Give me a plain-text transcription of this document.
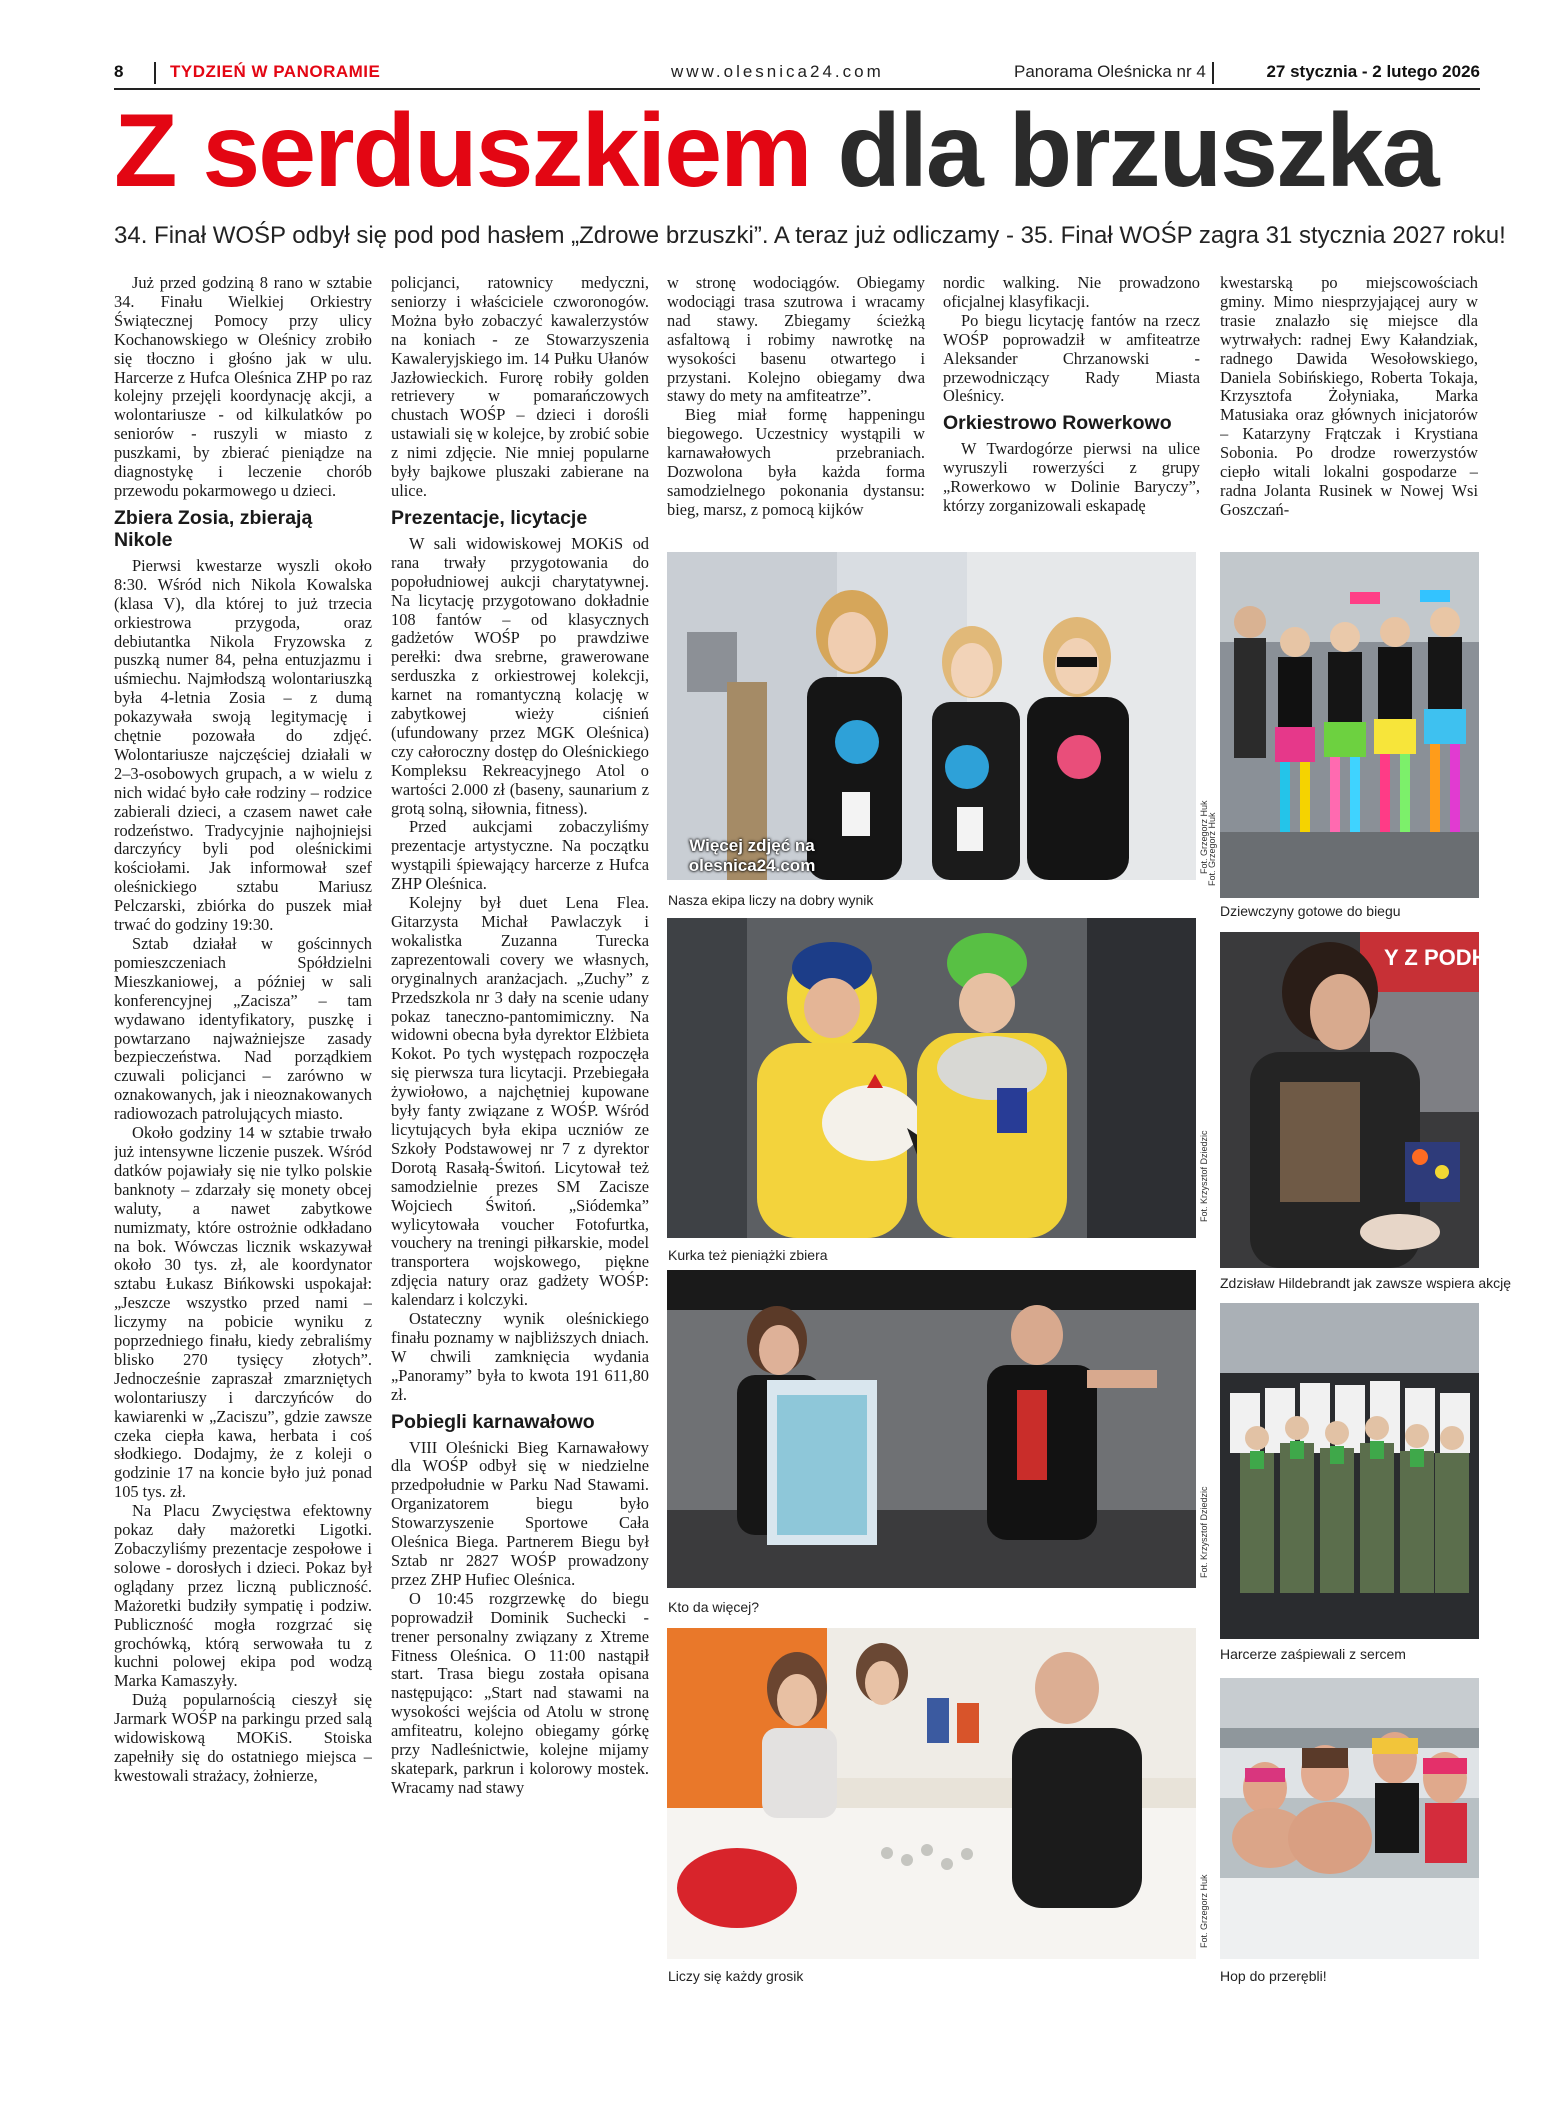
8	TYDZIEŃ W PANORAMIE	www.olesnica24.com	Panorama Oleśnicka nr 4	27 stycznia - 2 lutego 2026
Z serduszkiem dla brzuszka
34. Finał WOŚP odbył się pod pod hasłem „Zdrowe brzuszki”. A teraz już odliczamy - 35. Finał WOŚP zagra 31 stycznia 2027 roku!

Już przed godziną 8 rano w sztabie 34. Finału Wielkiej Orkiestry Świątecznej Pomocy przy ulicy Kochanowskiego w Oleśnicy zrobiło się tłoczno i głośno jak w ulu. Harcerze z Hufca Oleśnica ZHP po raz kolejny przejęli koordynację akcji, a wolontariusze - od kilkulatków po seniorów - ruszyli w miasto z puszkami, by zbierać pieniądze na diagnostykę i leczenie chorób przewodu pokarmowego u dzieci.

Zbiera Zosia, zbierają Nikole

Pierwsi kwestarze wyszli około 8:30. Wśród nich Nikola Kowalska (klasa V), dla której to już trzecia orkiestrowa przygoda, oraz debiutantka Nikola Fryzowska z puszką numer 84, pełna entuzjazmu i uśmiechu. Najmłodszą wolontariuszką była 4-letnia Zosia – z dumą pokazywała swoją legitymację i chętnie pozowała do zdjęć. Wolontariusze najczęściej działali w 2–3-osobowych grupach, a w wielu z nich widać było całe rodziny – rodzice zabierali dzieci, a czasem nawet całe rodzeństwo. Tradycyjnie najhojniejsi darczyńcy byli pod oleśnickimi kościołami. Jak informował szef oleśnickiego sztabu Mariusz Pelczarski, zbiórka do puszek miał trwać do godziny 19:30.

Sztab działał w gościnnych pomieszczeniach Spółdzielni Mieszkaniowej, a później w sali konferencyjnej „Zacisza” – tam wydawano identyfikatory, puszkę i powtarzano najważniejsze zasady bezpieczeństwa. Nad porządkiem czuwali policjanci – zarówno w oznakowanych, jak i nieoznakowanych radiowozach patrolujących miasto.

Około godziny 14 w sztabie trwało już intensywne liczenie puszek. Wśród datków pojawiały się nie tylko polskie banknoty – zdarzały się monety obcej waluty, a nawet zabytkowe numizmaty, które ostrożnie odkładano na bok. Wówczas licznik wskazywał około 30 tys. zł, ale koordynator sztabu Łukasz Bińkowski uspokajał: „Jeszcze wszystko przed nami – liczymy na pobicie wyniku z poprzedniego finału, kiedy zebraliśmy blisko 270 tysięcy złotych”. Jednocześnie zapraszał zmarzniętych wolontariuszy i darczyńców do kawiarenki w „Zaciszu”, gdzie zawsze czeka ciepła kawa, herbata i coś słodkiego. Dodajmy, że z koleji o godzinie 17 na koncie było już ponad 105 tys. zł.

Na Placu Zwycięstwa efektowny pokaz dały mażoretki Ligotki. Zobaczyliśmy prezentacje zespołowe i solowe - dorosłych i dzieci. Pokaz był oglądany przez liczną publiczność. Mażoretki budziły sympatię i podziw. Publiczność mogła rozgrzać się grochówką, którą serwowała tu z kuchni polowej ekipa pod wodzą Marka Kamaszyły.

Dużą popularnością cieszył się Jarmark WOŚP na parkingu przed salą widowiskową MOKiS. Stoiska zapełniły się do ostatniego miejsca – kwestowali strażacy, żołnierze,

policjanci, ratownicy medyczni, seniorzy i właściciele czworonogów. Można było zobaczyć kawalerzystów na koniach - ze Stowarzyszenia Kawaleryjskiego im. 14 Pułku Ułanów Jazłowieckich. Furorę robiły golden retrievery w pomarańczowych chustach WOŚP – dzieci i dorośli ustawiali się w kolejce, by zrobić sobie z nimi zdjęcie. Nie mniej popularne były bajkowe pluszaki zabierane na ulice.

Prezentacje, licytacje

W sali widowiskowej MOKiS od rana trwały przygotowania do popołudniowej aukcji charytatywnej. Na licytację przygotowano dokładnie 108 fantów – od klasycznych gadżetów WOŚP po prawdziwe perełki: dwa srebrne, grawerowane serduszka z orkiestrowej kolekcji, karnet na romantyczną kolację w zabytkowej wieży ciśnień (ufundowany przez MGK Oleśnica) czy całoroczny dostęp do Oleśnickiego Kompleksu Rekreacyjnego Atol o wartości 2.000 zł (baseny, saunarium z grotą solną, siłownia, fitness).

Przed aukcjami zobaczyliśmy prezentacje artystyczne. Na początku wystąpili śpiewający harcerze z Hufca ZHP Oleśnica.

Kolejny był duet Lena Flea. Gitarzysta Michał Pawlaczyk i wokalistka Zuzanna Turecka zaprezentowali covery we własnych, oryginalnych aranżacjach. „Zuchy” z Przedszkola nr 3 dały na scenie udany pokaz taneczno-pantomimiczny. Na widowni obecna była dyrektor Elżbieta Kokot. Po tych występach rozpoczęła się pierwsza tura licytacji. Przebiegała żywiołowo, a najchętniej kupowane były fanty związane z WOŚP. Wśród licytujących była ekipa uczniów ze Szkoły Podstawowej nr 7 z dyrektor Dorotą Rasałą-Świtoń. Licytował też samodzielnie prezes SM Zacisze Wojciech Świtoń. „Siódemka” wylicytowała voucher Fotofurtka, vouchery na treningi piłkarskie, model transportera wojskowego, piękne zdjęcia natury oraz gadżety WOŚP: kalendarz i kolczyki.

Ostateczny wynik oleśnickiego finału poznamy w najbliższych dniach. W chwili zamknięcia wydania „Panoramy” była to kwota 191 611,80 zł.

Pobiegli karnawałowo

VIII Oleśnicki Bieg Karnawałowy dla WOŚP odbył się w niedzielne przedpołudnie w Parku Nad Stawami. Organizatorem biegu było Stowarzyszenie Sportowe Cała Oleśnica Biega. Partnerem Biegu był Sztab nr 2827 WOŚP prowadzony przez ZHP Hufiec Oleśnica.

O 10:45 rozgrzewkę do biegu poprowadził Dominik Suchecki - trener personalny związany z Xtreme Fitness Oleśnica. O 11:00 nastąpił start. Trasa biegu została opisana następująco: „Start nad stawami na wysokości wejścia od Atolu w stronę amfiteatru, kolejno obiegamy górkę przy Nadleśnictwie, kolejne mijamy skatepark, parkrun i kolorowy mostek. Wracamy nad stawy

w stronę wodociągów. Obiegamy wodociągi trasa szutrowa i wracamy nad stawy. Zbiegamy ścieżką asfaltową i robimy nawrotkę na wysokości basenu otwartego i przystani. Kolejno obiegamy dwa stawy do mety na amfiteatrze”.

Bieg miał formę happeningu biegowego. Uczestnicy wystąpili w karnawałowych przebraniach. Dozwolona była każda forma samodzielnego pokonania dystansu: bieg, marsz, z pomocą kijków

nordic walking. Nie prowadzono oficjalnej klasyfikacji.

Po biegu licytację fantów na rzecz WOŚP poprowadził w amfiteatrze Aleksander Chrzanowski - przewodniczący Rady Miasta Oleśnicy.

Orkiestrowo Rowerkowo

W Twardogórze pierwsi na ulice wyruszyli rowerzyści z grupy „Rowerkowo w Dolinie Baryczy”, którzy zorganizowali eskapadę

kwestarską po miejscowościach gminy. Mimo niesprzyjającej aury w trasie znalazło się miejsce dla wytrwałych: radnej Ewy Kałandziak, radnego Dawida Wesołowskiego, Daniela Sobińskiego, Roberta Tokaja, Krzysztofa Żołyniaka, Marka Matusiaka oraz głównych inicjatorów – Katarzyny Frątczak i Krystiana Sobonia. Po drodze rowerzystów ciepło witali lokalni gospodarze – radna Jolanta Rusinek w Nowej Wsi Goszczań-

Więcej zdjęć na
olesnica24.com	Fot. Grzegorz Huk
Nasza ekipa liczy na dobry wynik
Fot. Grzegorz Huk
Dziewczyny gotowe do biegu
Fot. Krzysztof Dziedzic
Kurka też pieniążki zbiera
Y Z PODHA
Zdzisław Hildebrandt jak zawsze wspiera akcję
Fot. Krzysztof Dziedzic
Kto da więcej?
Harcerze zaśpiewali z sercem
Fot. Grzegorz Huk
Liczy się każdy grosik	Hop do przerębli!
